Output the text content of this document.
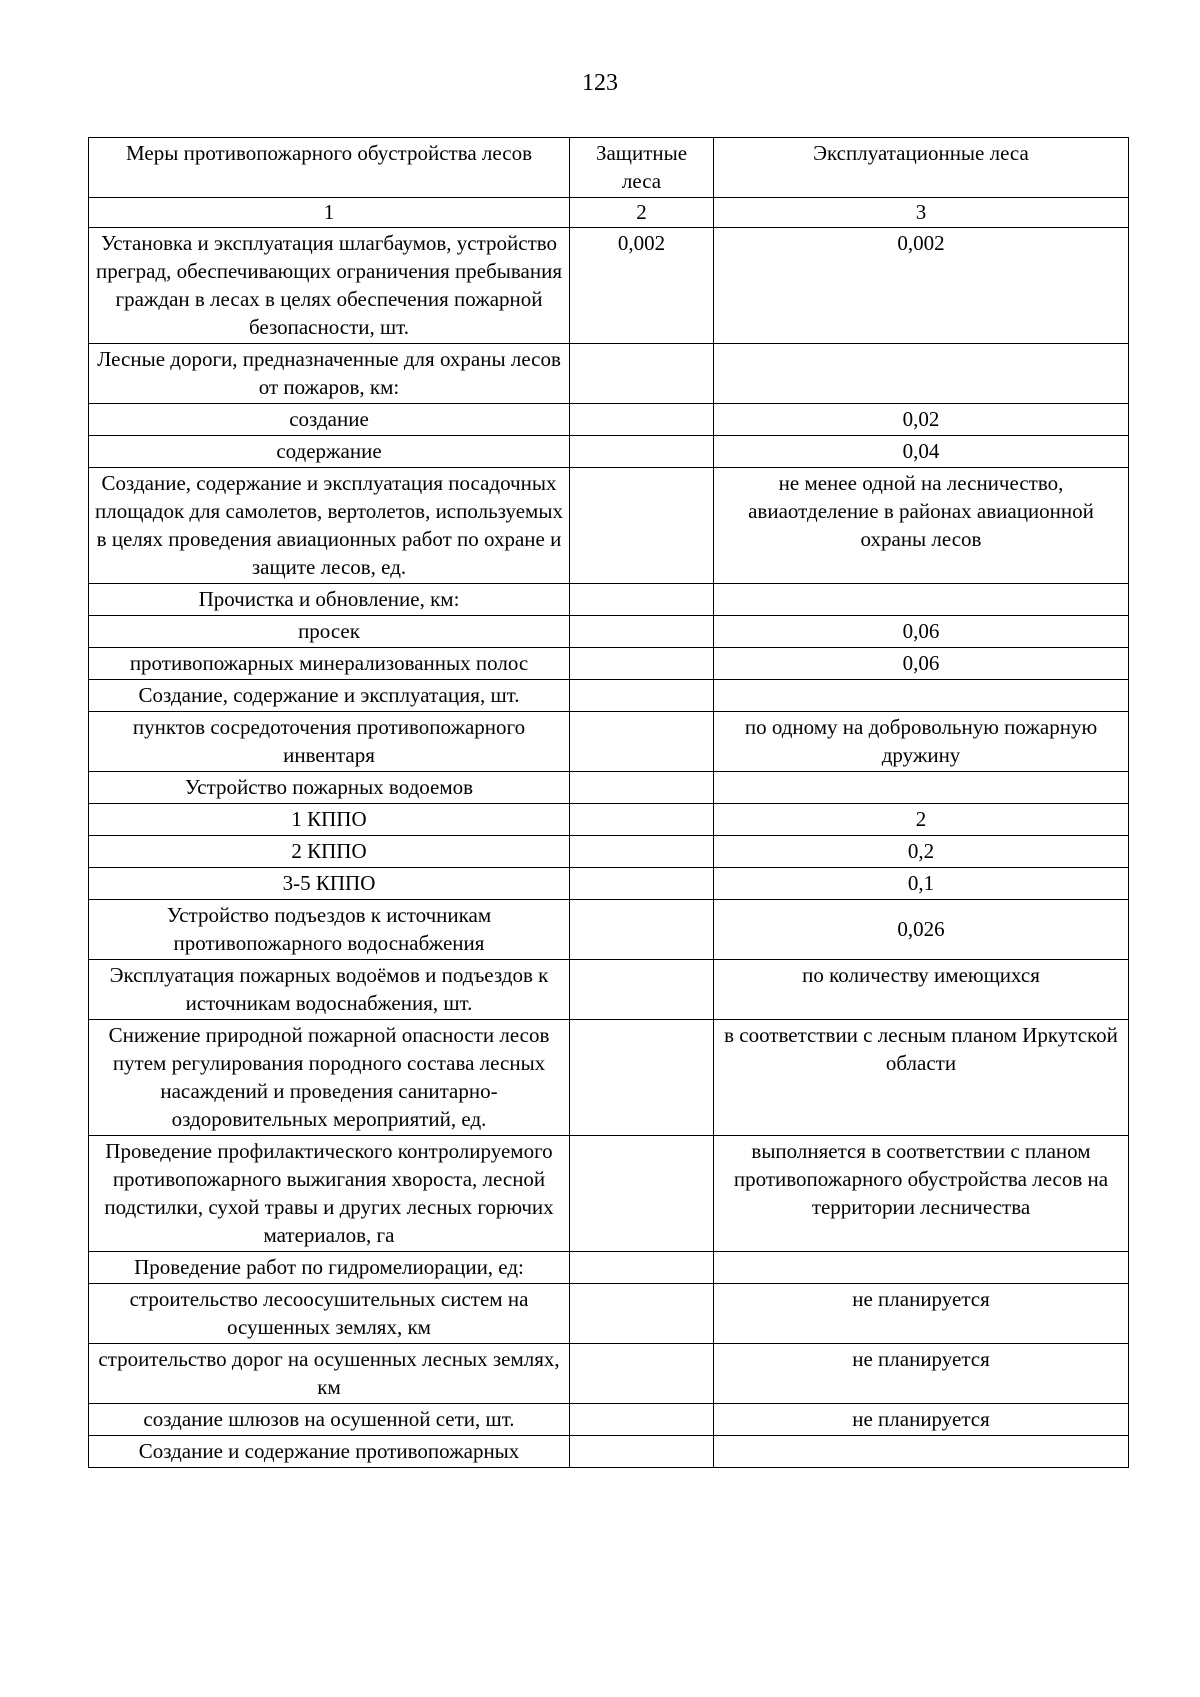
123
Меры противопожарного обустройства лесов	Защитные леса	Эксплуатационные леса
1	2	3
Установка и эксплуатация шлагбаумов, устройство преград, обеспечивающих ограничения пребывания граждан в лесах в целях обеспечения пожарной безопасности, шт.	0,002	0,002
Лесные дороги, предназначенные для охраны лесов от пожаров, км:		
создание		0,02
содержание		0,04
Создание, содержание и эксплуатация посадочных площадок для самолетов, вертолетов, используемых в целях проведения авиационных работ по охране и защите лесов, ед.		не менее одной на лесничество, авиаотделение в районах авиационной охраны лесов
Прочистка и обновление, км:		
просек		0,06
противопожарных минерализованных полос		0,06
Создание, содержание и эксплуатация, шт.		
пунктов сосредоточения противопожарного инвентаря		по одному на добровольную пожарную дружину
Устройство пожарных водоемов		
1 КППО		2
2 КППО		0,2
3-5 КППО		0,1
Устройство подъездов к источникам противопожарного водоснабжения		0,026
Эксплуатация пожарных водоёмов и подъездов к источникам водоснабжения, шт.		по количеству имеющихся
Снижение природной пожарной опасности лесов путем регулирования породного состава лесных насаждений и проведения санитарно-оздоровительных мероприятий, ед.		в соответствии с лесным планом Иркутской области
Проведение профилактического контролируемого противопожарного выжигания хвороста, лесной подстилки, сухой травы и других лесных горючих материалов, га		выполняется в соответствии с планом противопожарного обустройства лесов на территории лесничества
Проведение работ по гидромелиорации, ед:		
строительство лесоосушительных систем на осушенных землях, км		не планируется
строительство дорог на осушенных лесных землях, км		не планируется
создание шлюзов на осушенной сети, шт.		не планируется
Создание и содержание противопожарных		
